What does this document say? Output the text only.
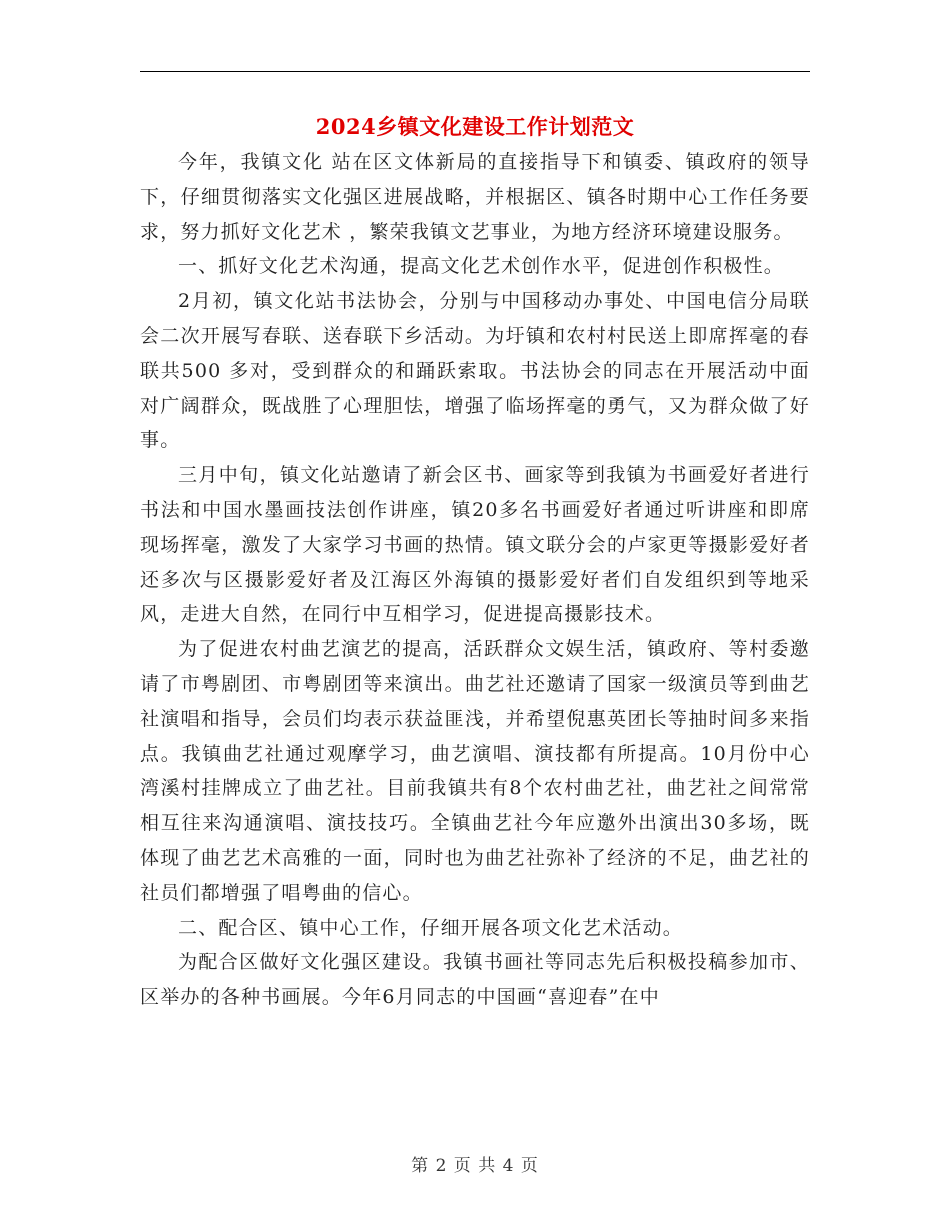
2024乡镇文化建设工作计划范文

今年，我镇文化 站在区文体新局的直接指导下和镇委、镇政府的领导下，仔细贯彻落实文化强区进展战略，并根据区、镇各时期中心工作任务要求，努力抓好文化艺术 ，繁荣我镇文艺事业，为地方经济环境建设服务。

一、抓好文化艺术沟通，提高文化艺术创作水平，促进创作积极性。

2月初，镇文化站书法协会，分别与中国移动办事处、中国电信分局联会二次开展写春联、送春联下乡活动。为圩镇和农村村民送上即席挥毫的春联共500 多对，受到群众的和踊跃索取。书法协会的同志在开展活动中面对广阔群众，既战胜了心理胆怯，增强了临场挥毫的勇气，又为群众做了好事。

三月中旬，镇文化站邀请了新会区书、画家等到我镇为书画爱好者进行书法和中国水墨画技法创作讲座，镇20多名书画爱好者通过听讲座和即席现场挥毫，激发了大家学习书画的热情。镇文联分会的卢家更等摄影爱好者还多次与区摄影爱好者及江海区外海镇的摄影爱好者们自发组织到等地采风，走进大自然，在同行中互相学习，促进提高摄影技术。

为了促进农村曲艺演艺的提高，活跃群众文娱生活，镇政府、等村委邀请了市粤剧团、市粤剧团等来演出。曲艺社还邀请了国家一级演员等到曲艺社演唱和指导，会员们均表示获益匪浅，并希望倪惠英团长等抽时间多来指点。我镇曲艺社通过观摩学习，曲艺演唱、演技都有所提高。10月份中心湾溪村挂牌成立了曲艺社。目前我镇共有8个农村曲艺社，曲艺社之间常常相互往来沟通演唱、演技技巧。全镇曲艺社今年应邀外出演出30多场，既体现了曲艺艺术高雅的一面，同时也为曲艺社弥补了经济的不足，曲艺社的社员们都增强了唱粤曲的信心。

二、配合区、镇中心工作，仔细开展各项文化艺术活动。

为配合区做好文化强区建设。我镇书画社等同志先后积极投稿参加市、区举办的各种书画展。今年6月同志的中国画“喜迎春”在中

第 2 页 共 4 页
